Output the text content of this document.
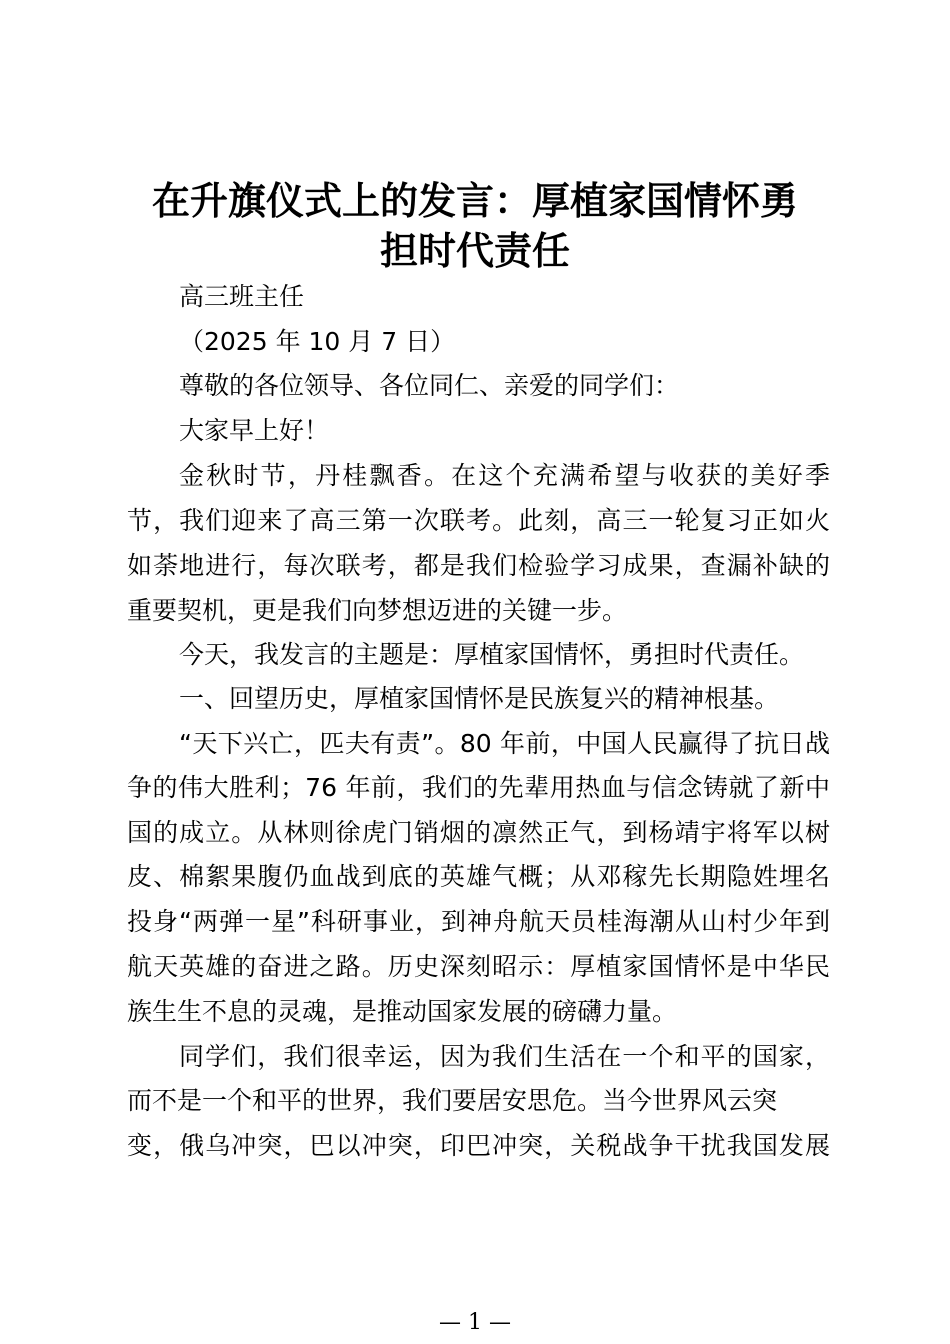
在升旗仪式上的发言：厚植家国情怀勇
担时代责任
高三班主任
（2025 年 10 月 7 日）
尊敬的各位领导、各位同仁、亲爱的同学们：
大家早上好！
金秋时节，丹桂飘香。在这个充满希望与收获的美好季
节，我们迎来了高三第一次联考。此刻，高三一轮复习正如火
如荼地进行，每次联考，都是我们检验学习成果，查漏补缺的
重要契机，更是我们向梦想迈进的关键一步。
今天，我发言的主题是：厚植家国情怀，勇担时代责任。
一、回望历史，厚植家国情怀是民族复兴的精神根基。
“天下兴亡，匹夫有责”。80 年前，中国人民赢得了抗日战
争的伟大胜利；76 年前，我们的先辈用热血与信念铸就了新中
国的成立。从林则徐虎门销烟的凛然正气，到杨靖宇将军以树
皮、棉絮果腹仍血战到底的英雄气概；从邓稼先长期隐姓埋名
投身“两弹一星”科研事业，到神舟航天员桂海潮从山村少年到
航天英雄的奋进之路。历史深刻昭示：厚植家国情怀是中华民
族生生不息的灵魂，是推动国家发展的磅礴力量。
同学们，我们很幸运，因为我们生活在一个和平的国家，
而不是一个和平的世界，我们要居安思危。当今世界风云突
变，俄乌冲突，巴以冲突，印巴冲突，关税战争干扰我国发展
— 1 —
